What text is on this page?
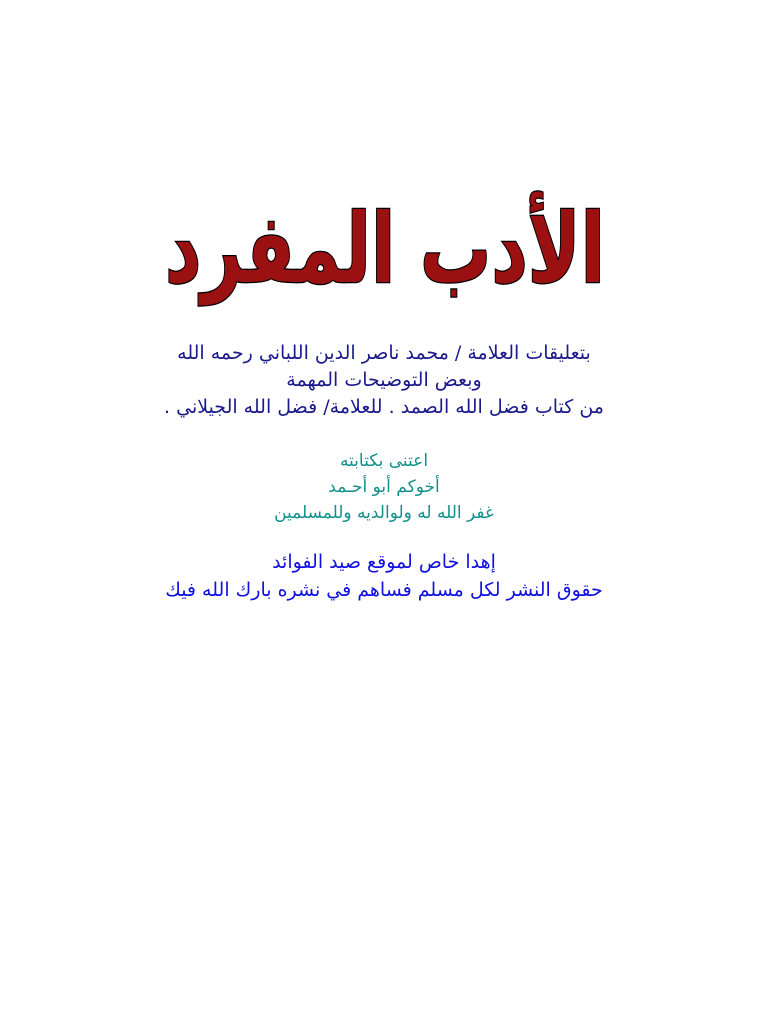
الأدب المفرد
بتعليقات العلامة / محمد ناصر الدين اللباني رحمه الله
وبعض التوضيحات المهمة
من كتاب فضل الله الصمد . للعلامة/ فضل الله الجيلاني .
اعتنى بكتابته
أخوكم أبو أحـمد
غفر الله له ولوالديه وللمسلمين
إهدا خاص لموقع صيد الفوائد
حقوق النشر لكل مسلم فساهم في نشره بارك الله فيك
